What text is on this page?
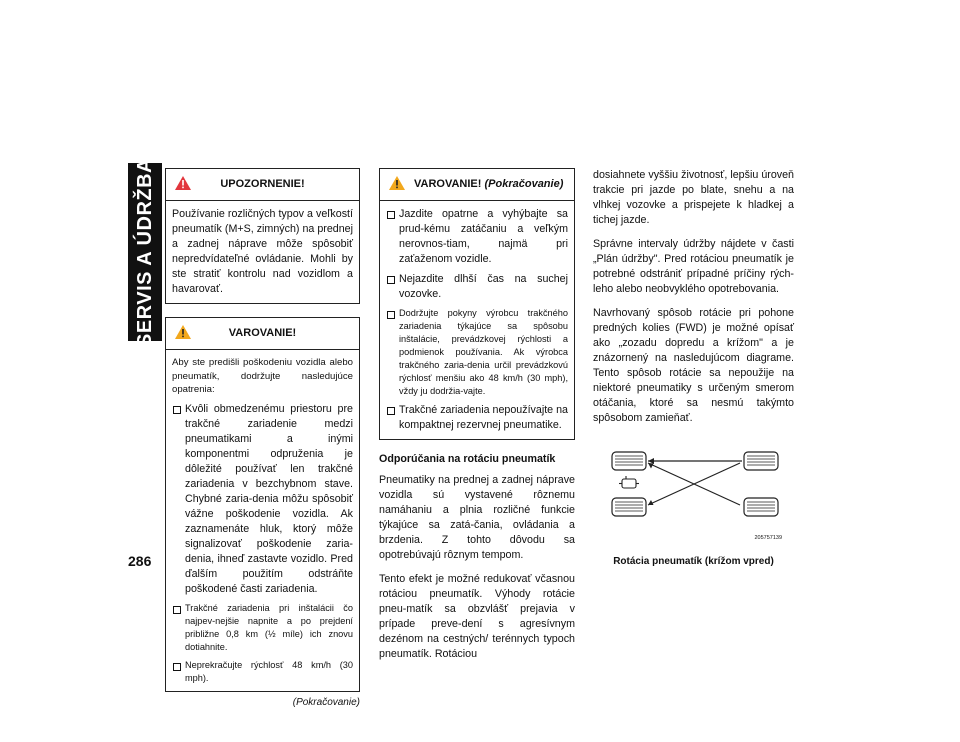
SERVIS A ÚDRŽBA	UPOZORNENIE!

Používanie rozličných typov a veľkostí pneumatík (M+S, zimných) na prednej a zadnej náprave môže spôsobiť nepredvídateľné ovládanie. Mohli by ste stratiť kontrolu nad vozidlom a havarovať.

VAROVANIE!

Aby ste predišli poškodeniu vozidla alebo pneumatík, dodržujte nasledujúce opatrenia:

Kvôli obmedzenému priestoru pre trakčné zariadenie medzi pneumatikami a inými komponentmi odpruženia je dôležité používať len trakčné zariadenia v bezchybnom stave. Chybné zaria-denia môžu spôsobiť vážne poškodenie vozidla. Ak zaznamenáte hluk, ktorý môže signalizovať poškodenie zaria-denia, ihneď zastavte vozidlo. Pred ďalším použitím odstráňte poškodené časti zariadenia.
Trakčné zariadenia pri inštalácii čo najpev-nejšie napnite a po prejdení približne 0,8 km (½ míle) ich znovu dotiahnite.
Neprekračujte rýchlosť 48 km/h (30 mph).
(Pokračovanie)
VAROVANIE!
(Pokračovanie)
Jazdite opatrne a vyhýbajte sa prud-kému zatáčaniu a veľkým nerovnos-tiam, najmä pri zaťaženom vozidle.
Nejazdite dlhší čas na suchej vozovke.
Dodržujte pokyny výrobcu trakčného zariadenia týkajúce sa spôsobu inštalácie, prevádzkovej rýchlosti a podmienok používania. Ak výrobca trakčného zaria-denia určil prevádzkovú rýchlosť menšiu ako 48 km/h (30 mph), vždy ju dodržia-vajte.
Trakčné zariadenia nepoužívajte na kompaktnej rezervnej pneumatike.
Odporúčania na rotáciu pneumatík

Pneumatiky na prednej a zadnej náprave vozidla sú vystavené rôznemu namáhaniu a plnia rozličné funkcie týkajúce sa zatá-čania, ovládania a brzdenia. Z tohto dôvodu sa opotrebúvajú rôznym tempom.

Tento efekt je možné redukovať včasnou rotáciou pneumatík. Výhody rotácie pneu-matík sa obzvlášť prejavia v prípade preve-dení s agresívnym dezénom na cestných/ terénnych typoch pneumatík. Rotáciou

dosiahnete vyššiu životnosť, lepšiu úroveň trakcie pri jazde po blate, snehu a na vlhkej vozovke a prispejete k hladkej a tichej jazde.

Správne intervaly údržby nájdete v časti „Plán údržby". Pred rotáciou pneumatík je potrebné odstrániť prípadné príčiny rých-leho alebo neobvyklého opotrebovania.

Navrhovaný spôsob rotácie pri pohone predných kolies (FWD) je možné opísať ako „zozadu dopredu a krížom" a je znázornený na nasledujúcom diagrame. Tento spôsob rotácie sa nepoužije na niektoré pneumatiky s určeným smerom otáčania, ktoré sa nesmú takýmto spôsobom zamieňať.

205757139
Rotácia pneumatík (krížom vpred)
286
